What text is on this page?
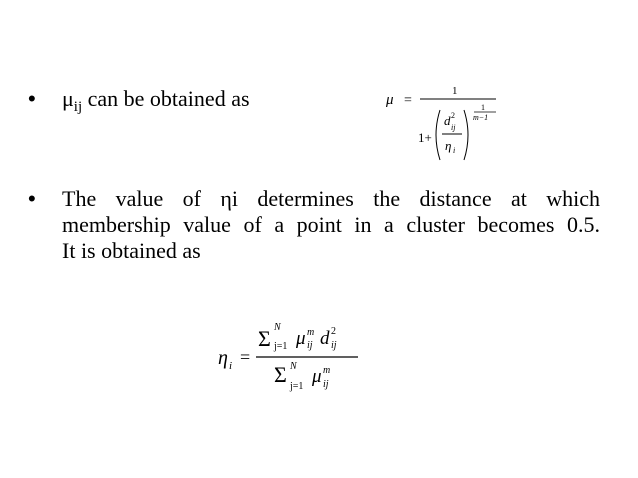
•	$\mu_{ij}$ can be obtained as	μ =
1
1+
d 2
ij
η i
1
m−1
•	The value of ηi determines the distance at which
membership value of a point in a cluster becomes 0.5.
It is obtained as
η i =
Σ N
j=1 μ m
ij d 2
ij
Σ N
j=1 μ m
ij
